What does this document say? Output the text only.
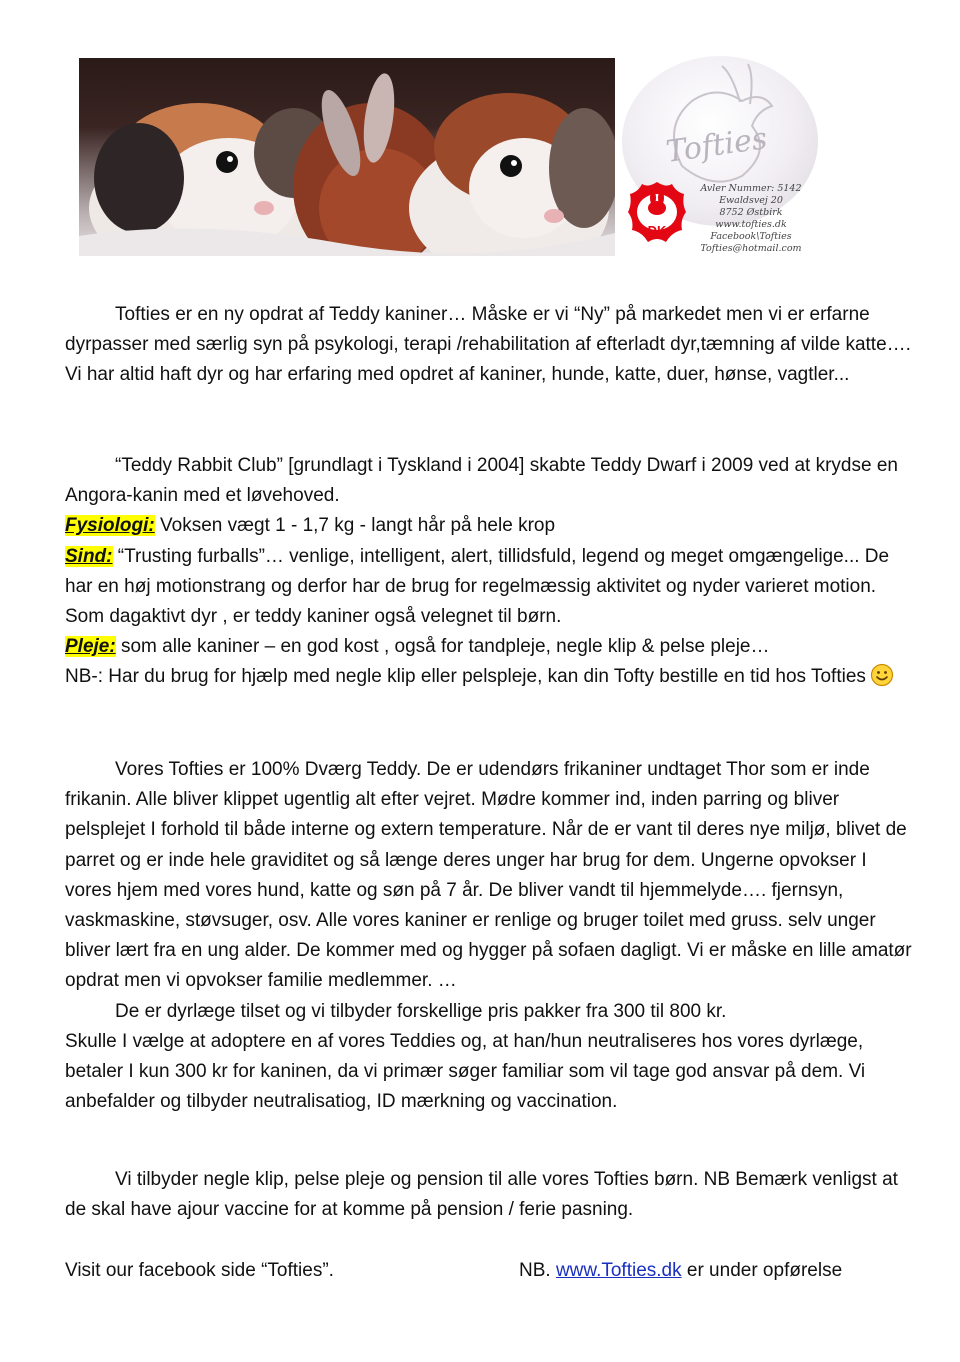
Tofties
DK
Avler Nummer: 5142
Ewaldsvej 20
8752 Østbirk
www.tofties.dk
Facebook\Tofties
Tofties@hotmail.com

Tofties er en ny opdrat af Teddy kaniner… Måske er vi “Ny” på markedet men vi er erfarne dyrpasser med særlig syn på psykologi, terapi /rehabilitation af efterladt dyr,tæmning af vilde katte…. Vi har altid haft dyr og har erfaring med opdret af kaniner, hunde, katte, duer, hønse, vagtler...

“Teddy Rabbit Club” [grundlagt i Tyskland i 2004] skabte Teddy Dwarf i 2009 ved at krydse en Angora-kanin med et løvehoved.

Fysiologi: Voksen vægt 1 - 1,7 kg - langt hår på hele krop

Sind: “Trusting furballs”… venlige, intelligent, alert, tillidsfuld, legend og meget omgængelige... De har en høj motionstrang og derfor har de brug for regelmæssig aktivitet og nyder varieret motion. Som dagaktivt dyr , er teddy kaniner også velegnet til børn.

Pleje: som alle kaniner – en god kost , også for tandpleje, negle klip & pelse pleje…

NB-: Har du brug for hjælp med negle klip eller pelspleje, kan din Tofty bestille en tid hos Tofties

Vores Tofties er 100% Dværg Teddy. De er udendørs frikaniner undtaget Thor som er inde frikanin. Alle bliver klippet ugentlig alt efter vejret. Mødre kommer ind, inden parring og bliver pelsplejet I forhold til både interne og extern temperature. Når de er vant til deres nye miljø, blivet de parret og er inde hele graviditet og så længe deres unger har brug for dem. Ungerne opvokser I vores hjem med vores hund, katte og søn på 7 år. De bliver vandt til hjemmelyde…. fjernsyn, vaskmaskine, støvsuger, osv. Alle vores kaniner er renlige og bruger toilet med gruss. selv unger bliver lært fra en ung alder. De kommer med og hygger på sofaen dagligt. Vi er måske en lille amatør opdrat men vi opvokser familie medlemmer. …

De er dyrlæge tilset og vi tilbyder forskellige pris pakker fra 300 til 800 kr.

Skulle I vælge at adoptere en af vores Teddies og, at han/hun neutraliseres hos vores dyrlæge, betaler I kun 300 kr for kaninen, da vi primær søger familiar som vil tage god ansvar på dem. Vi anbefalder og tilbyder neutralisatiog, ID mærkning og vaccination.

Vi tilbyder negle klip, pelse pleje og pension til alle vores Tofties børn. NB Bemærk venligst at de skal have ajour vaccine for at komme på pension / ferie pasning.

Visit our facebook side “Tofties”.	NB. www.Tofties.dk er under opførelse
